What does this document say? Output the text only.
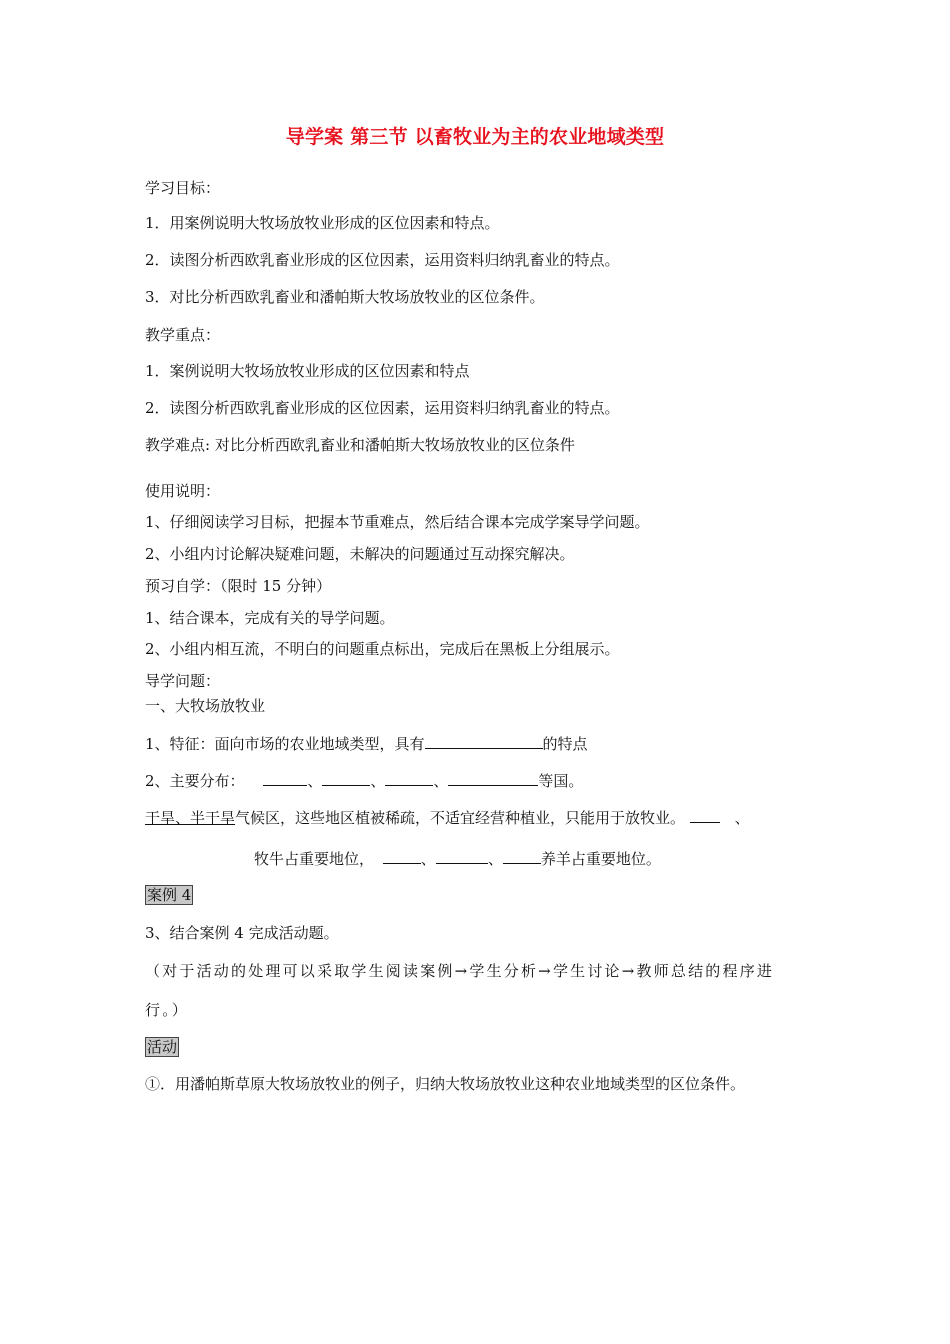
导学案 第三节 以畜牧业为主的农业地域类型
学习目标：
1．用案例说明大牧场放牧业形成的区位因素和特点。
2．读图分析西欧乳畜业形成的区位因素，运用资料归纳乳畜业的特点。
3．对比分析西欧乳畜业和潘帕斯大牧场放牧业的区位条件。
教学重点：
1．案例说明大牧场放牧业形成的区位因素和特点
2．读图分析西欧乳畜业形成的区位因素，运用资料归纳乳畜业的特点。
教学难点: 对比分析西欧乳畜业和潘帕斯大牧场放牧业的区位条件
使用说明：
1、仔细阅读学习目标，把握本节重难点，然后结合课本完成学案导学问题。
2、小组内讨论解决疑难问题，未解决的问题通过互动探究解决。
预习自学：（限时 15 分钟）
1、结合课本，完成有关的导学问题。
2、小组内相互流，不明白的问题重点标出，完成后在黑板上分组展示。
导学问题：
一、大牧场放牧业
1、特征：面向市场的农业地域类型，具有	的特点
2、主要分布：	、	、	、	等国。
干旱、半干旱气候区，这些地区植被稀疏，不适宜经营种植业，只能用于放牧业。	、
牧牛占重要地位，	、	、	养羊占重要地位。
案例 4
3、结合案例 4 完成活动题。
（对于活动的处理可以采取学生阅读案例→学生分析→学生讨论→教师总结的程序进
行。）
活动
①．用潘帕斯草原大牧场放牧业的例子，归纳大牧场放牧业这种农业地域类型的区位条件。
